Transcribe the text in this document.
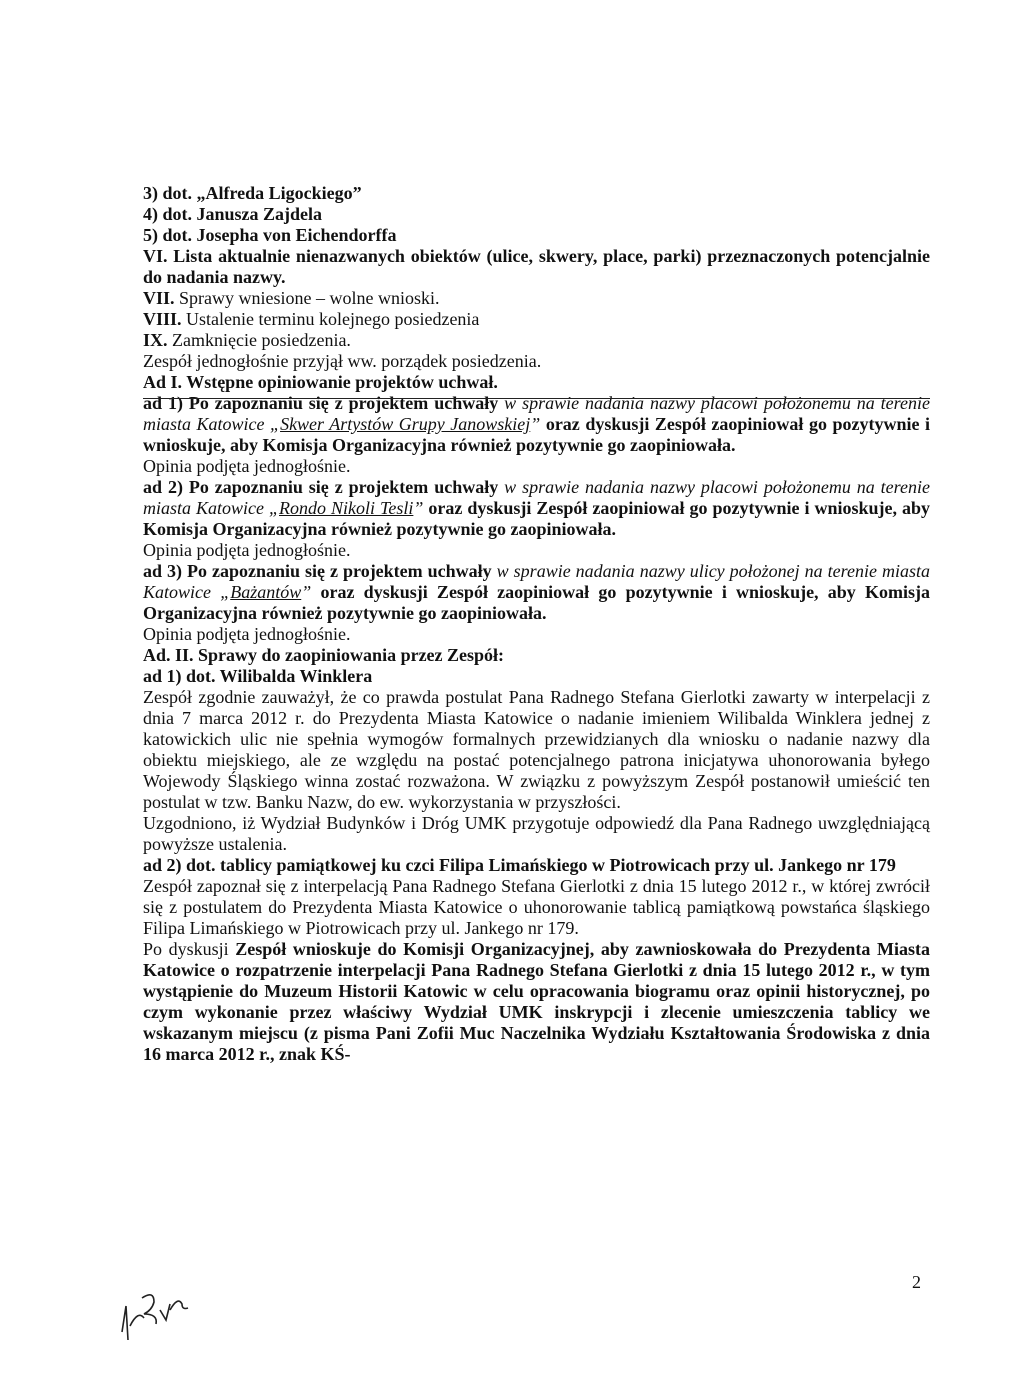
3) dot. „Alfreda Ligockiego”
4) dot. Janusza Zajdela
5) dot. Josepha von Eichendorffa
VI. Lista aktualnie nienazwanych obiektów (ulice, skwery, place, parki) przeznaczonych potencjalnie do nadania nazwy.
VII. Sprawy wniesione – wolne wnioski.
VIII. Ustalenie terminu kolejnego posiedzenia
IX. Zamknięcie posiedzenia.
Zespół jednogłośnie przyjął ww. porządek posiedzenia.
Ad I. Wstępne opiniowanie projektów uchwał.
ad 1) Po zapoznaniu się z projektem uchwały w sprawie nadania nazwy placowi położonemu na terenie miasta Katowice „Skwer Artystów Grupy Janowskiej” oraz dyskusji Zespół zaopiniował go pozytywnie i wnioskuje, aby Komisja Organizacyjna również pozytywnie go zaopiniowała.
Opinia podjęta jednogłośnie.
ad 2) Po zapoznaniu się z projektem uchwały w sprawie nadania nazwy placowi położonemu na terenie miasta Katowice „Rondo Nikoli Tesli” oraz dyskusji Zespół zaopiniował go pozytywnie i wnioskuje, aby Komisja Organizacyjna również pozytywnie go zaopiniowała.
Opinia podjęta jednogłośnie.
ad 3) Po zapoznaniu się z projektem uchwały w sprawie nadania nazwy ulicy położonej na terenie miasta Katowice „Bażantów” oraz dyskusji Zespół zaopiniował go pozytywnie i wnioskuje, aby Komisja Organizacyjna również pozytywnie go zaopiniowała.
Opinia podjęta jednogłośnie.
Ad. II. Sprawy do zaopiniowania przez Zespół:
ad 1) dot. Wilibalda Winklera
Zespół zgodnie zauważył, że co prawda postulat Pana Radnego Stefana Gierlotki zawarty w interpelacji z dnia 7 marca 2012 r. do Prezydenta Miasta Katowice o nadanie imieniem Wilibalda Winklera jednej z katowickich ulic nie spełnia wymogów formalnych przewidzianych dla wniosku o nadanie nazwy dla obiektu miejskiego, ale ze względu na postać potencjalnego patrona inicjatywa uhonorowania byłego Wojewody Śląskiego winna zostać rozważona. W związku z powyższym Zespół postanowił umieścić ten postulat w tzw. Banku Nazw, do ew. wykorzystania w przyszłości.
Uzgodniono, iż Wydział Budynków i Dróg UMK przygotuje odpowiedź dla Pana Radnego uwzględniającą powyższe ustalenia.
ad 2) dot. tablicy pamiątkowej ku czci Filipa Limańskiego w Piotrowicach przy ul. Jankego nr 179
Zespół zapoznał się z interpelacją Pana Radnego Stefana Gierlotki z dnia 15 lutego 2012 r., w której zwrócił się z postulatem do Prezydenta Miasta Katowice o uhonorowanie tablicą pamiątkową powstańca śląskiego Filipa Limańskiego w Piotrowicach przy ul. Jankego nr 179.
Po dyskusji Zespół wnioskuje do Komisji Organizacyjnej, aby zawnioskowała do Prezydenta Miasta Katowice o rozpatrzenie interpelacji Pana Radnego Stefana Gierlotki z dnia 15 lutego 2012 r., w tym wystąpienie do Muzeum Historii Katowic w celu opracowania biogramu oraz opinii historycznej, po czym wykonanie przez właściwy Wydział UMK inskrypcji i zlecenie umieszczenia tablicy we wskazanym miejscu (z pisma Pani Zofii Muc Naczelnika Wydziału Kształtowania Środowiska z dnia 16 marca 2012 r., znak KŚ-
2
